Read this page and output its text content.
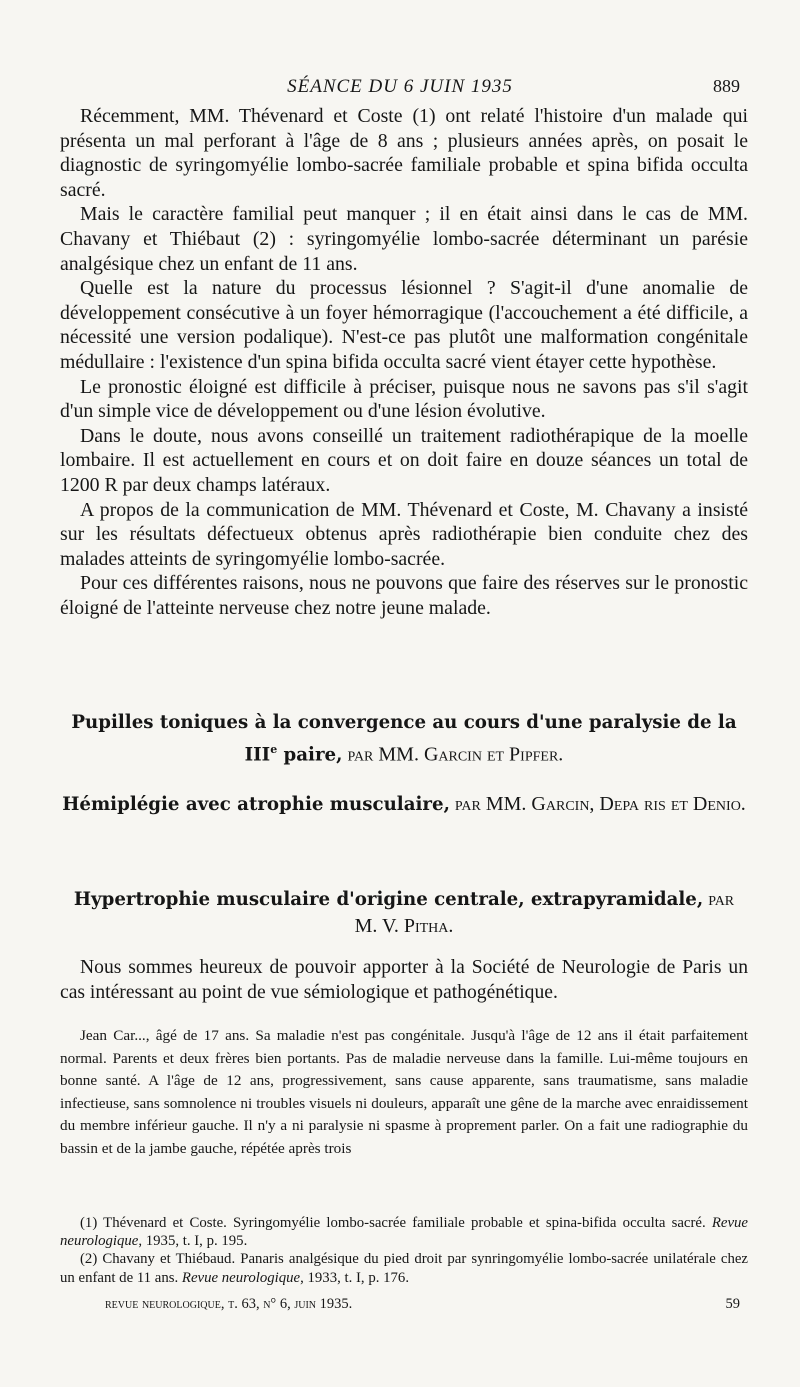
SÉANCE DU 6 JUIN 1935	889

Récemment, MM. Thévenard et Coste (1) ont relaté l'histoire d'un malade qui présenta un mal perforant à l'âge de 8 ans ; plusieurs années après, on posait le diagnostic de syringomyélie lombo-sacrée familiale probable et spina bifida occulta sacré.

Mais le caractère familial peut manquer ; il en était ainsi dans le cas de MM. Chavany et Thiébaut (2) : syringomyélie lombo-sacrée déterminant un parésie analgésique chez un enfant de 11 ans.

Quelle est la nature du processus lésionnel ? S'agit-il d'une anomalie de développement consécutive à un foyer hémorragique (l'accouchement a été difficile, a nécessité une version podalique). N'est-ce pas plutôt une malformation congénitale médullaire : l'existence d'un spina bifida occulta sacré vient étayer cette hypothèse.

Le pronostic éloigné est difficile à préciser, puisque nous ne savons pas s'il s'agit d'un simple vice de développement ou d'une lésion évolutive.

Dans le doute, nous avons conseillé un traitement radiothérapique de la moelle lombaire. Il est actuellement en cours et on doit faire en douze séances un total de 1200 R par deux champs latéraux.

A propos de la communication de MM. Thévenard et Coste, M. Chavany a insisté sur les résultats défectueux obtenus après radiothérapie bien conduite chez des malades atteints de syringomyélie lombo-sacrée.

Pour ces différentes raisons, nous ne pouvons que faire des réserves sur le pronostic éloigné de l'atteinte nerveuse chez notre jeune malade.

Pupilles toniques à la convergence au cours d'une paralysie de la IIIe paire, par MM. Garcin et Pipfer.
Hémiplégie avec atrophie musculaire, par MM. Garcin, Depa ris et Denio.
Hypertrophie musculaire d'origine centrale, extrapyramidale, par M. V. Pitha.

Nous sommes heureux de pouvoir apporter à la Société de Neurologie de Paris un cas intéressant au point de vue sémiologique et pathogénétique.

Jean Car..., âgé de 17 ans. Sa maladie n'est pas congénitale. Jusqu'à l'âge de 12 ans il était parfaitement normal. Parents et deux frères bien portants. Pas de maladie nerveuse dans la famille. Lui-même toujours en bonne santé. A l'âge de 12 ans, progressivement, sans cause apparente, sans traumatisme, sans maladie infectieuse, sans somnolence ni troubles visuels ni douleurs, apparaît une gêne de la marche avec enraidissement du membre inférieur gauche. Il n'y a ni paralysie ni spasme à proprement parler. On a fait une radiographie du bassin et de la jambe gauche, répétée après trois

(1) Thévenard et Coste. Syringomyélie lombo-sacrée familiale probable et spina-bifida occulta sacré. Revue neurologique, 1935, t. I, p. 195.

(2) Chavany et Thiébaud. Panaris analgésique du pied droit par synringomyélie lombo-sacrée unilatérale chez un enfant de 11 ans. Revue neurologique, 1933, t. I, p. 176.

revue neurologique, t. 63, n° 6, juin 1935.	59
